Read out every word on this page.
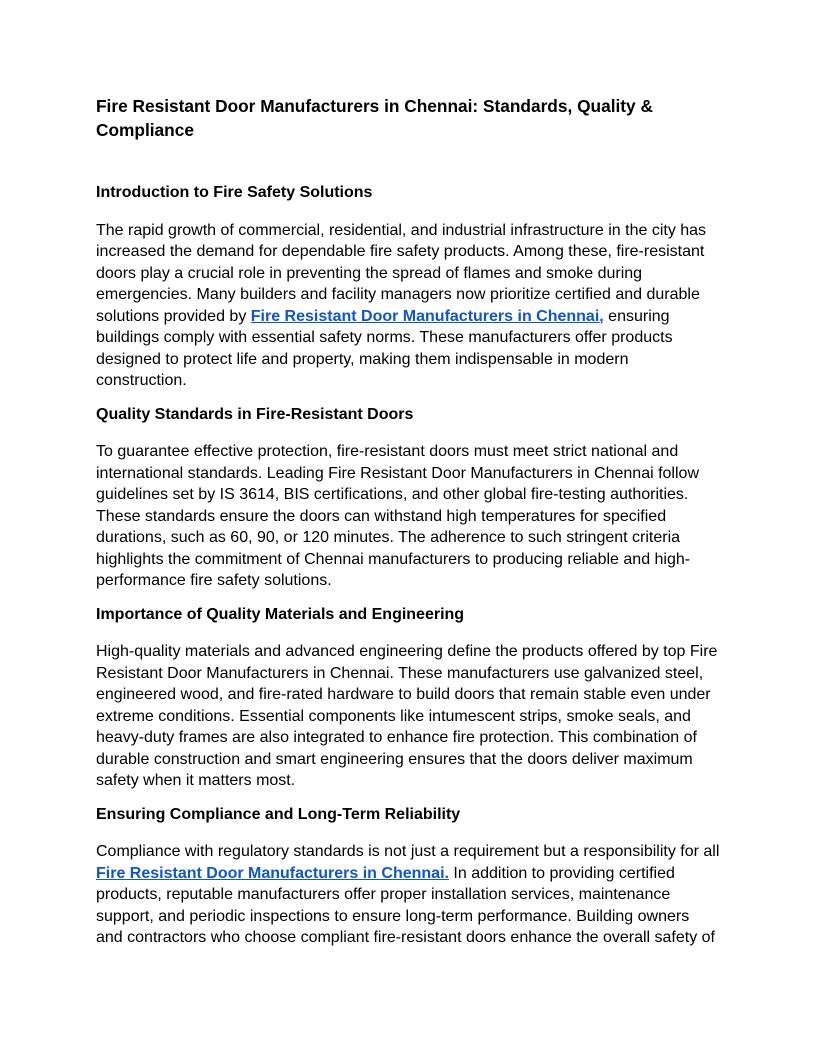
Fire Resistant Door Manufacturers in Chennai: Standards, Quality & Compliance
Introduction to Fire Safety Solutions

The rapid growth of commercial, residential, and industrial infrastructure in the city has increased the demand for dependable fire safety products. Among these, fire-resistant doors play a crucial role in preventing the spread of flames and smoke during emergencies. Many builders and facility managers now prioritize certified and durable solutions provided by Fire Resistant Door Manufacturers in Chennai, ensuring buildings comply with essential safety norms. These manufacturers offer products designed to protect life and property, making them indispensable in modern construction.

Quality Standards in Fire-Resistant Doors

To guarantee effective protection, fire-resistant doors must meet strict national and international standards. Leading Fire Resistant Door Manufacturers in Chennai follow guidelines set by IS 3614, BIS certifications, and other global fire-testing authorities. These standards ensure the doors can withstand high temperatures for specified durations, such as 60, 90, or 120 minutes. The adherence to such stringent criteria highlights the commitment of Chennai manufacturers to producing reliable and high-performance fire safety solutions.

Importance of Quality Materials and Engineering

High-quality materials and advanced engineering define the products offered by top Fire Resistant Door Manufacturers in Chennai. These manufacturers use galvanized steel, engineered wood, and fire-rated hardware to build doors that remain stable even under extreme conditions. Essential components like intumescent strips, smoke seals, and heavy-duty frames are also integrated to enhance fire protection. This combination of durable construction and smart engineering ensures that the doors deliver maximum safety when it matters most.

Ensuring Compliance and Long-Term Reliability

Compliance with regulatory standards is not just a requirement but a responsibility for all Fire Resistant Door Manufacturers in Chennai. In addition to providing certified products, reputable manufacturers offer proper installation services, maintenance support, and periodic inspections to ensure long-term performance. Building owners and contractors who choose compliant fire-resistant doors enhance the overall safety of
